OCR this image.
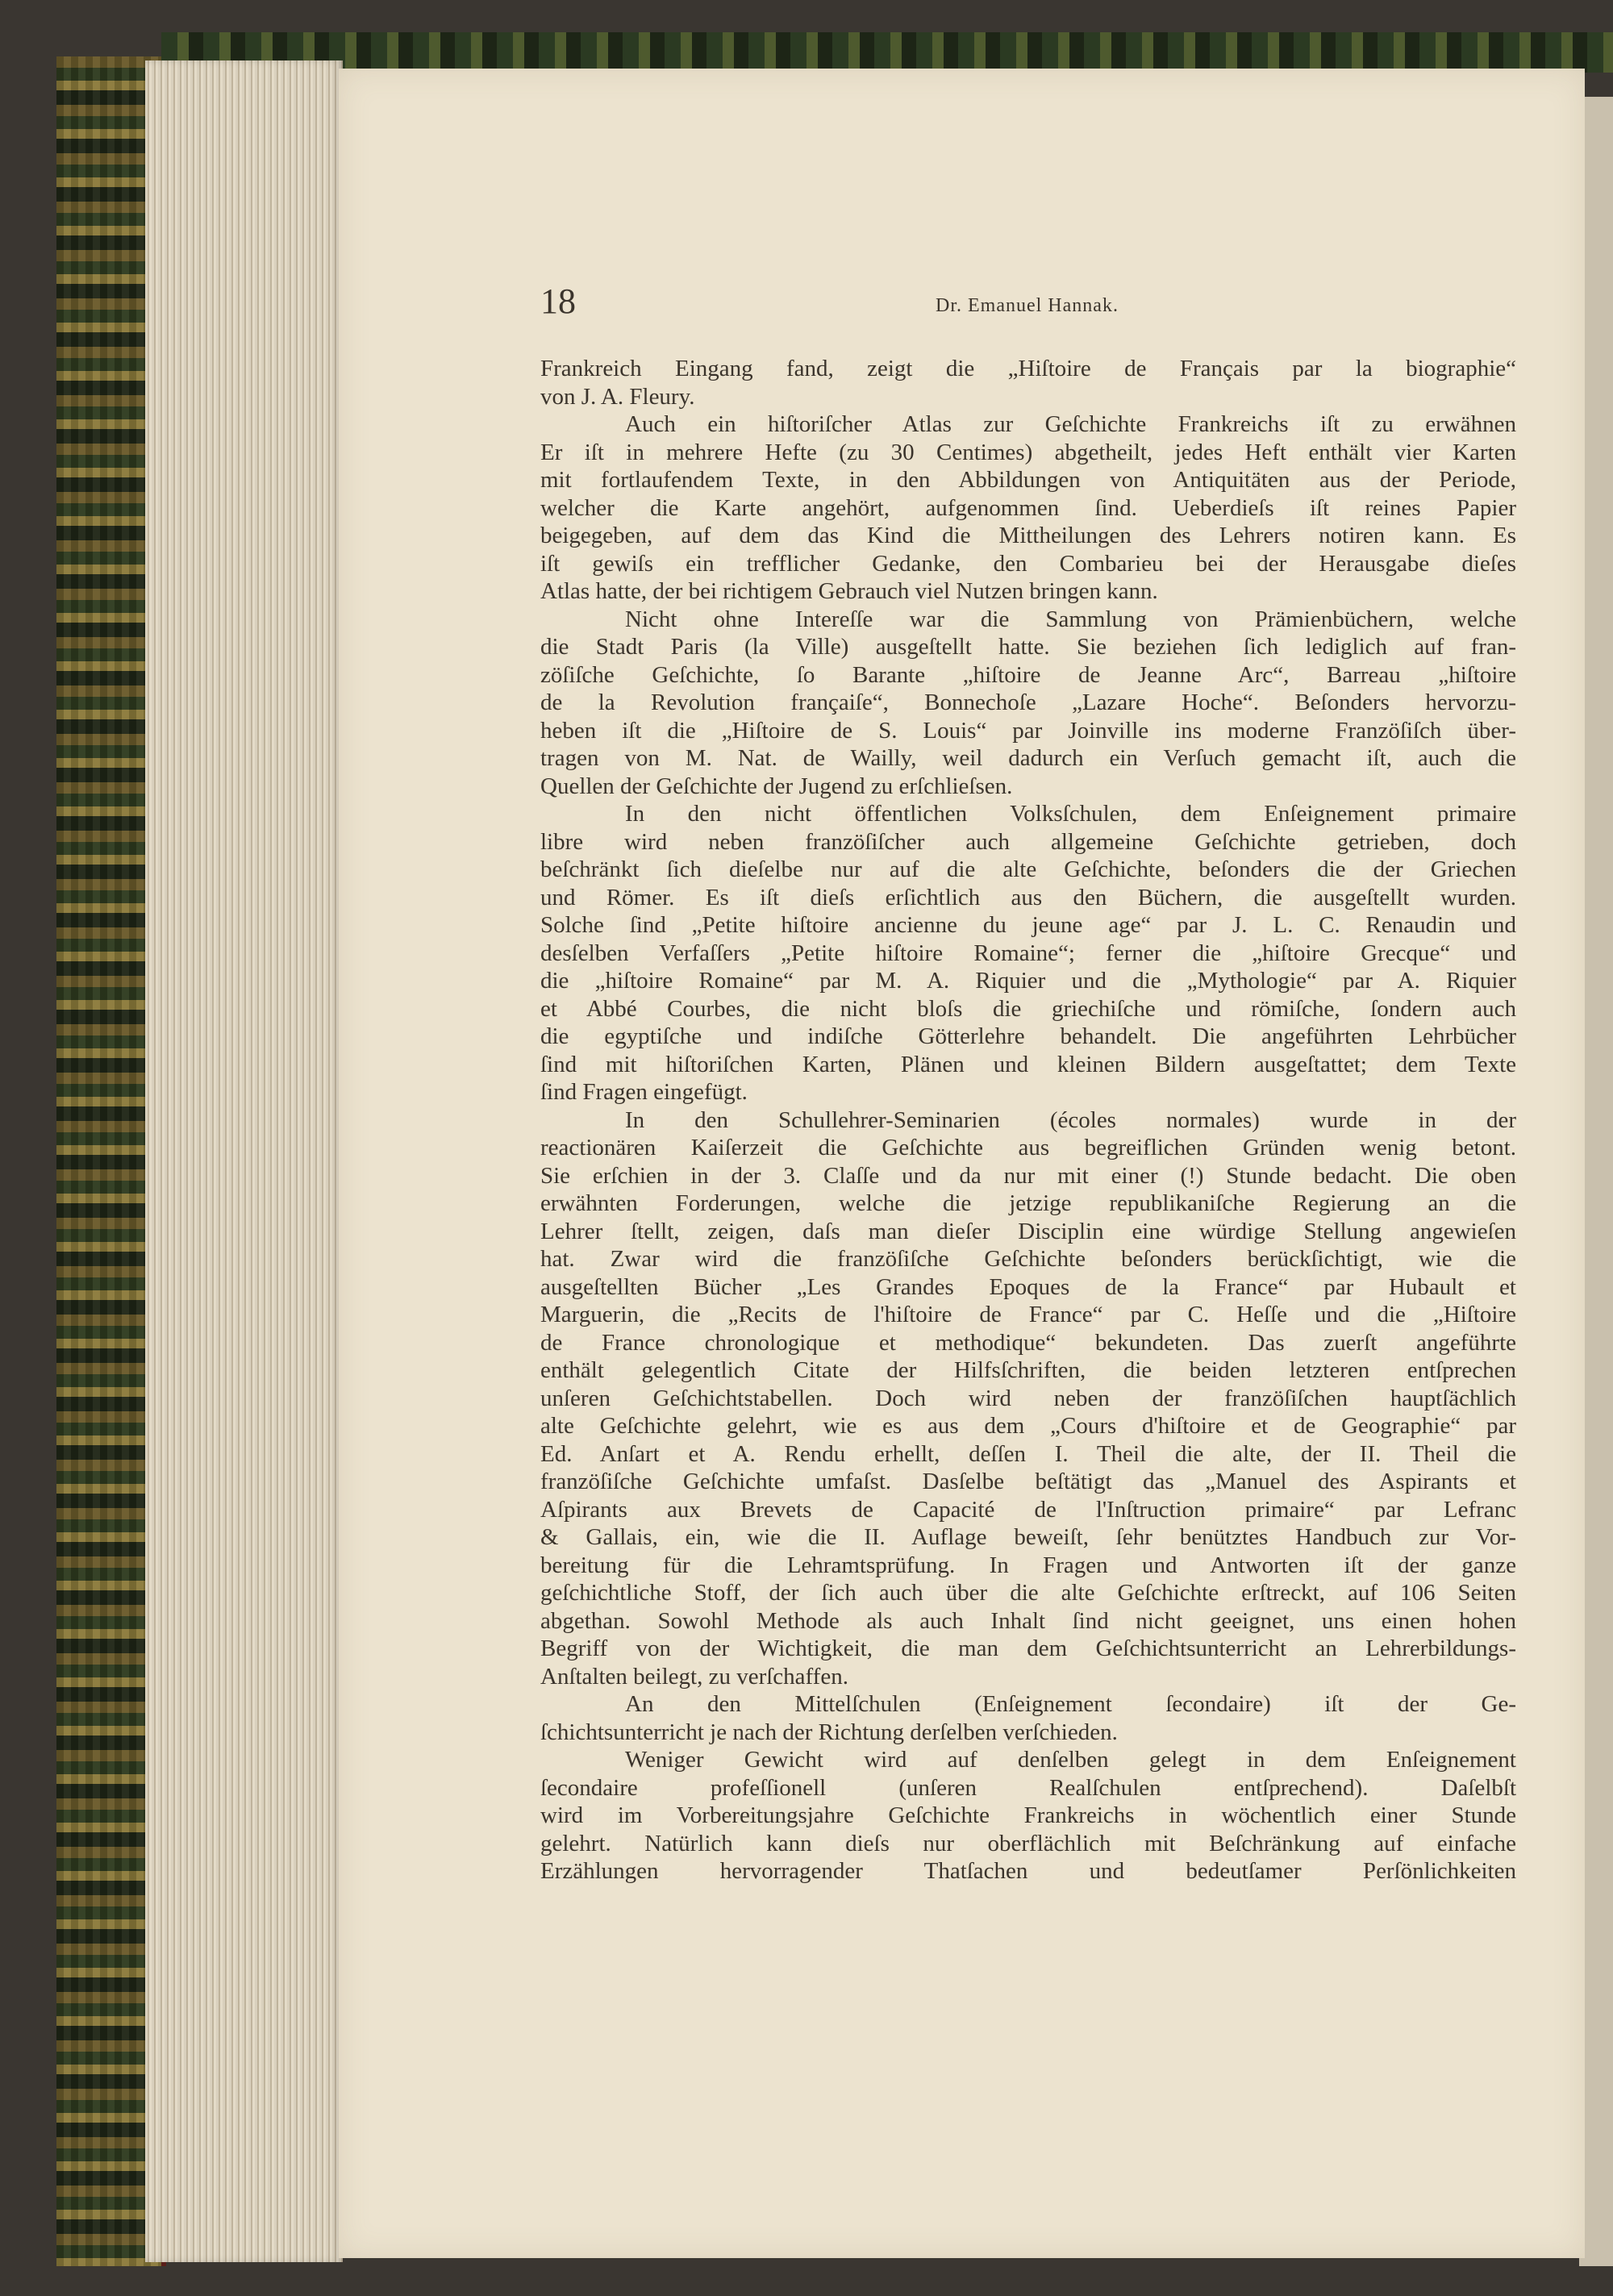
18	Dr. Emanuel Hannak.
Frankreich Eingang fand, zeigt die „Hiſtoire de Français par la biographie“
von J. A. Fleury.
Auch ein hiſtoriſcher Atlas zur Geſchichte Frankreichs iſt zu erwähnen
Er iſt in mehrere Hefte (zu 30 Centimes) abgetheilt, jedes Heft enthält vier Karten
mit fortlaufendem Texte, in den Abbildungen von Antiquitäten aus der Periode,
welcher die Karte angehört, aufgenommen ſind. Ueberdieſs iſt reines Papier
beigegeben, auf dem das Kind die Mittheilungen des Lehrers notiren kann. Es
iſt gewiſs ein trefflicher Gedanke, den Combarieu bei der Herausgabe dieſes
Atlas hatte, der bei richtigem Gebrauch viel Nutzen bringen kann.
Nicht ohne Intereſſe war die Sammlung von Prämienbüchern, welche
die Stadt Paris (la Ville) ausgeſtellt hatte. Sie beziehen ſich lediglich auf fran-
zöſiſche Geſchichte, ſo Barante „hiſtoire de Jeanne Arc“, Barreau „hiſtoire
de la Revolution françaiſe“, Bonnechoſe „Lazare Hoche“. Beſonders hervorzu-
heben iſt die „Hiſtoire de S. Louis“ par Joinville ins moderne Franzöſiſch über-
tragen von M. Nat. de Wailly, weil dadurch ein Verſuch gemacht iſt, auch die
Quellen der Geſchichte der Jugend zu erſchlieſsen.
In den nicht öffentlichen Volksſchulen, dem Enſeignement primaire
libre wird neben franzöſiſcher auch allgemeine Geſchichte getrieben, doch
beſchränkt ſich dieſelbe nur auf die alte Geſchichte, beſonders die der Griechen
und Römer. Es iſt dieſs erſichtlich aus den Büchern, die ausgeſtellt wurden.
Solche ſind „Petite hiſtoire ancienne du jeune age“ par J. L. C. Renaudin und
desſelben Verfaſſers „Petite hiſtoire Romaine“; ferner die „hiſtoire Grecque“ und
die „hiſtoire Romaine“ par M. A. Riquier und die „Mythologie“ par A. Riquier
et Abbé Courbes, die nicht bloſs die griechiſche und römiſche, ſondern auch
die egyptiſche und indiſche Götterlehre behandelt. Die angeführten Lehrbücher
ſind mit hiſtoriſchen Karten, Plänen und kleinen Bildern ausgeſtattet; dem Texte
ſind Fragen eingefügt.
In den Schullehrer-Seminarien (écoles normales) wurde in der
reactionären Kaiſerzeit die Geſchichte aus begreiflichen Gründen wenig betont.
Sie erſchien in der 3. Claſſe und da nur mit einer (!) Stunde bedacht. Die oben
erwähnten Forderungen, welche die jetzige republikaniſche Regierung an die
Lehrer ſtellt, zeigen, daſs man dieſer Disciplin eine würdige Stellung angewieſen
hat. Zwar wird die franzöſiſche Geſchichte beſonders berückſichtigt, wie die
ausgeſtellten Bücher „Les Grandes Epoques de la France“ par Hubault et
Marguerin, die „Recits de l'hiſtoire de France“ par C. Heſſe und die „Hiſtoire
de France chronologique et methodique“ bekundeten. Das zuerſt angeführte
enthält gelegentlich Citate der Hilfsſchriften, die beiden letzteren entſprechen
unſeren Geſchichtstabellen. Doch wird neben der franzöſiſchen hauptſächlich
alte Geſchichte gelehrt, wie es aus dem „Cours d'hiſtoire et de Geographie“ par
Ed. Anſart et A. Rendu erhellt, deſſen I. Theil die alte, der II. Theil die
franzöſiſche Geſchichte umfaſst. Dasſelbe beſtätigt das „Manuel des Aspirants et
Aſpirants aux Brevets de Capacité de l'Inſtruction primaire“ par Lefranc
& Gallais, ein, wie die II. Auflage beweiſt, ſehr benütztes Handbuch zur Vor-
bereitung für die Lehramtsprüfung. In Fragen und Antworten iſt der ganze
geſchichtliche Stoff, der ſich auch über die alte Geſchichte erſtreckt, auf 106 Seiten
abgethan. Sowohl Methode als auch Inhalt ſind nicht geeignet, uns einen hohen
Begriff von der Wichtigkeit, die man dem Geſchichtsunterricht an Lehrerbildungs-
Anſtalten beilegt, zu verſchaffen.
An den Mittelſchulen (Enſeignement ſecondaire) iſt der Ge-
ſchichtsunterricht je nach der Richtung derſelben verſchieden.
Weniger Gewicht wird auf denſelben gelegt in dem Enſeignement
ſecondaire profeſſionell (unſeren Realſchulen entſprechend). Daſelbſt
wird im Vorbereitungsjahre Geſchichte Frankreichs in wöchentlich einer Stunde
gelehrt. Natürlich kann dieſs nur oberflächlich mit Beſchränkung auf einfache
Erzählungen hervorragender Thatſachen und bedeutſamer Perſönlichkeiten
